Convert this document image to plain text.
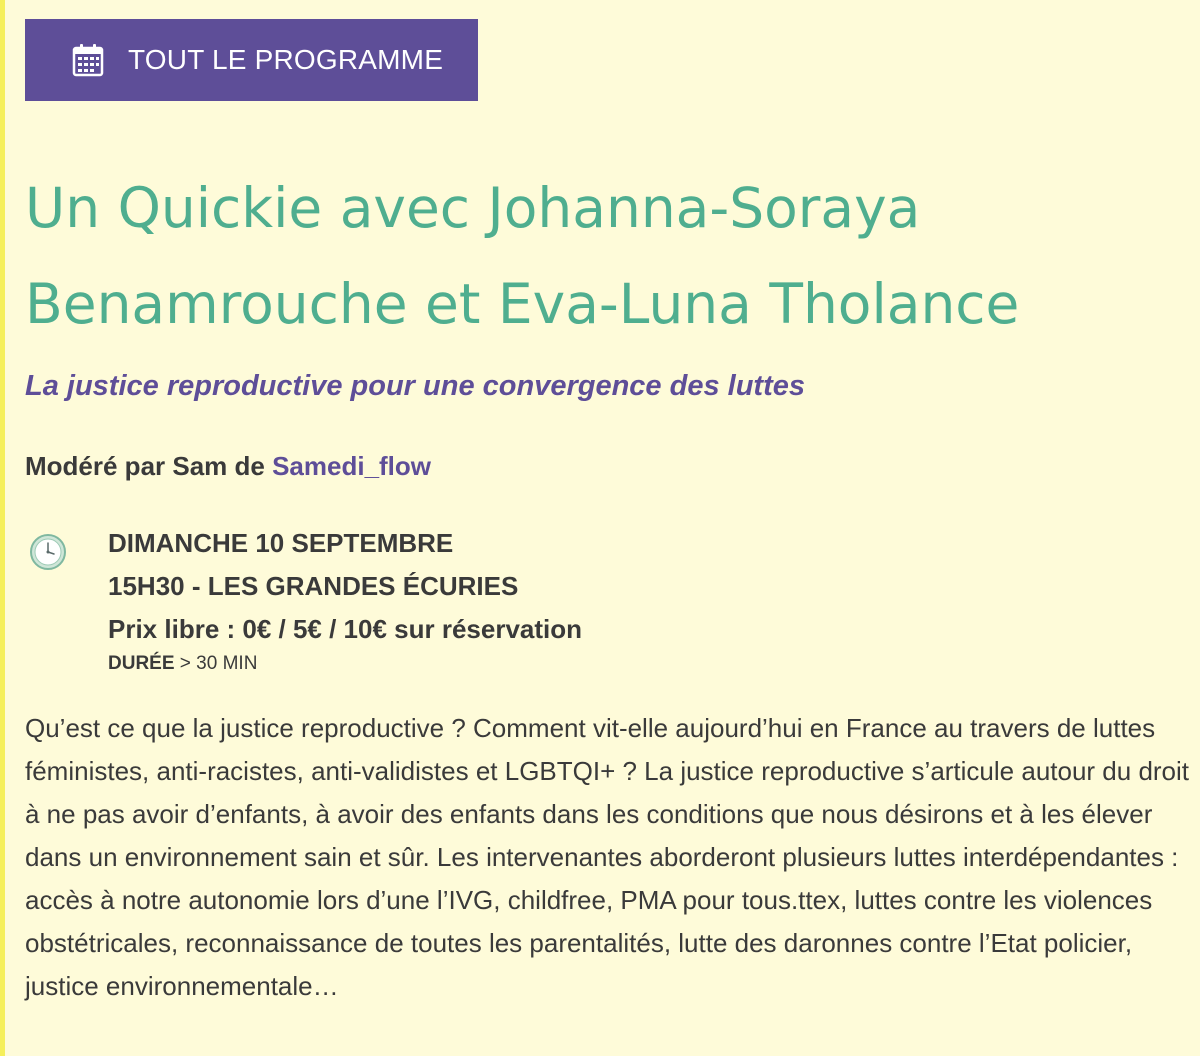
TOUT LE PROGRAMME
Un Quickie avec Johanna-Soraya Benamrouche et Eva-Luna Tholance
La justice reproductive pour une convergence des luttes
Modéré par Sam de Samedi_flow
DIMANCHE 10 SEPTEMBRE
15H30 - LES GRANDES ÉCURIES
Prix libre : 0€ / 5€ / 10€ sur réservation
DURÉE > 30 MIN

Qu’est ce que la justice reproductive ? Comment vit-elle aujourd’hui en France au travers de luttes féministes, anti-racistes, anti-validistes et LGBTQI+ ? La justice reproductive s’articule autour du droit à ne pas avoir d’enfants, à avoir des enfants dans les conditions que nous désirons et à les élever dans un environnement sain et sûr. Les intervenantes aborderont plusieurs luttes interdépendantes : accès à notre autonomie lors d’une l’IVG, childfree, PMA pour tous.ttex, luttes contre les violences obstétricales, reconnaissance de toutes les parentalités, lutte des daronnes contre l’Etat policier, justice environnementale…
